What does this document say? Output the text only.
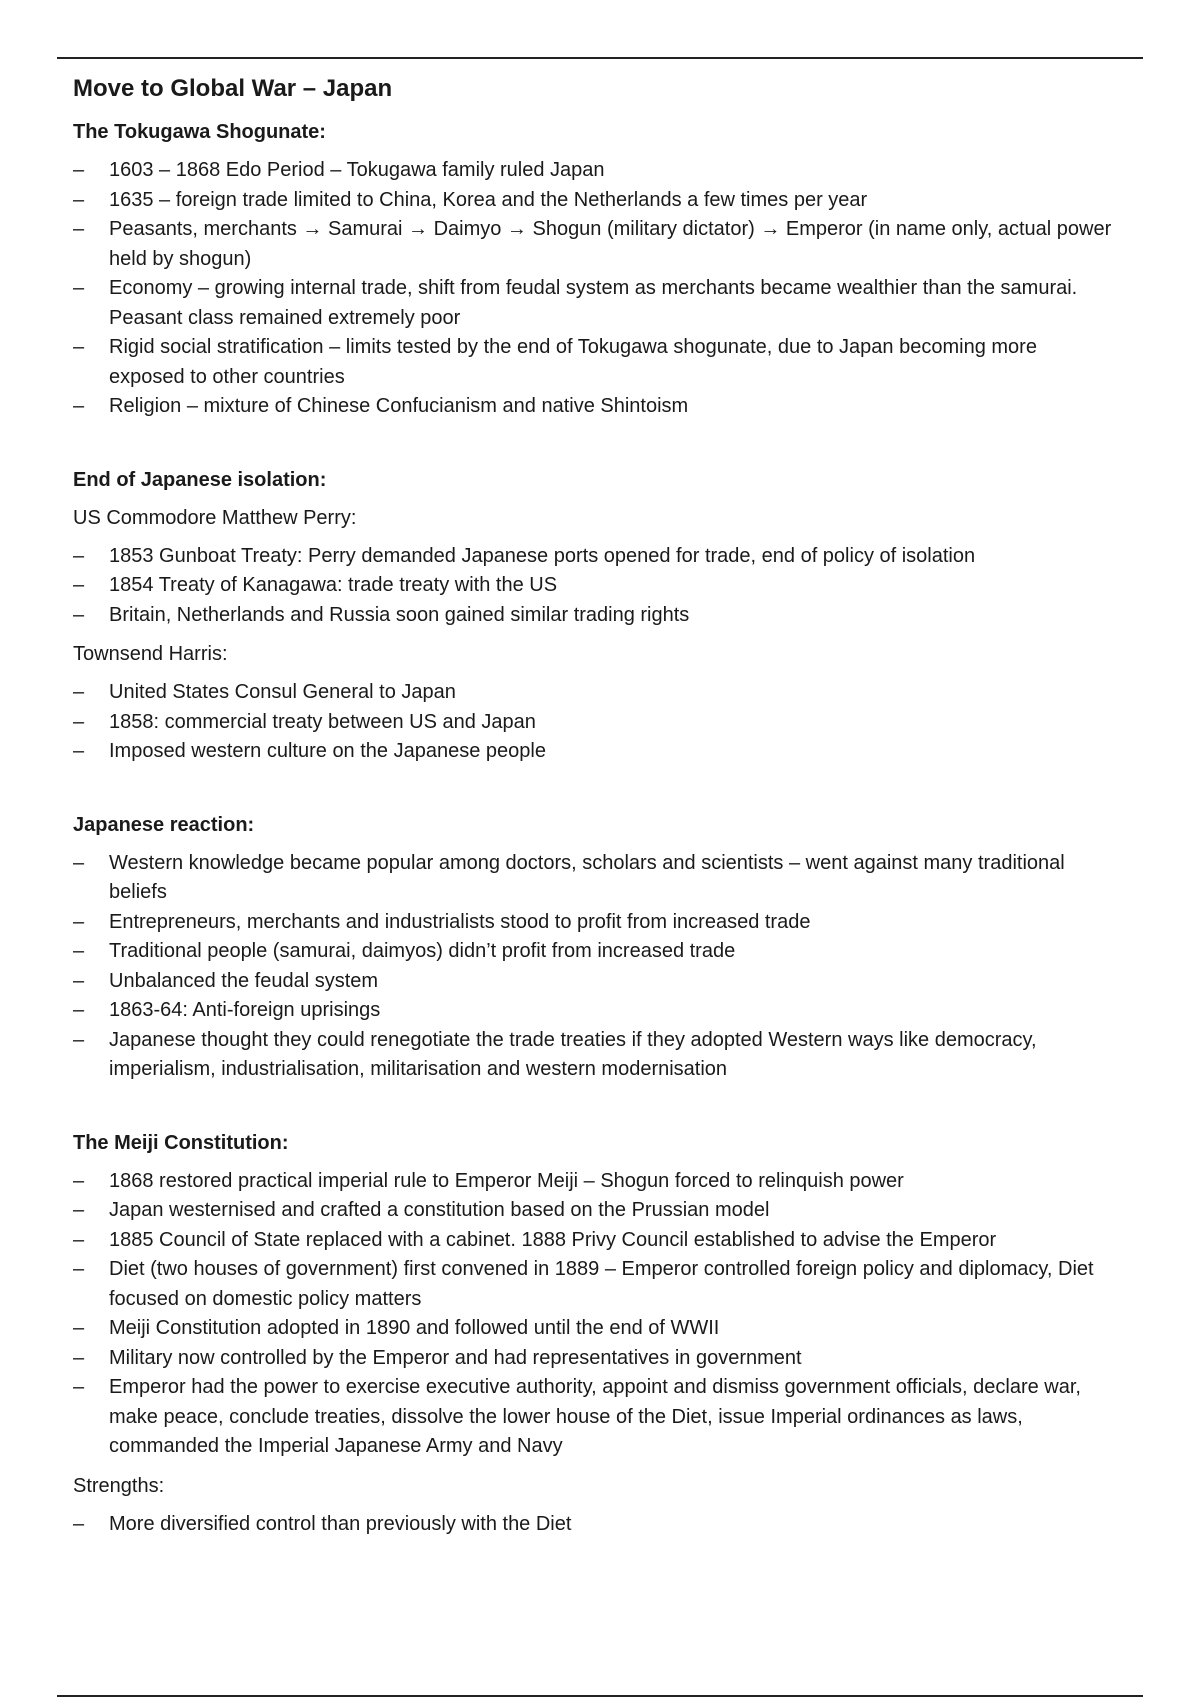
Move to Global War – Japan
The Tokugawa Shogunate:
– 1603 – 1868 Edo Period – Tokugawa family ruled Japan
– 1635 – foreign trade limited to China, Korea and the Netherlands a few times per year
– Peasants, merchants → Samurai → Daimyo → Shogun (military dictator) → Emperor (in name only, actual power held by shogun)
– Economy – growing internal trade, shift from feudal system as merchants became wealthier than the samurai. Peasant class remained extremely poor
– Rigid social stratification – limits tested by the end of Tokugawa shogunate, due to Japan becoming more exposed to other countries
– Religion – mixture of Chinese Confucianism and native Shintoism
End of Japanese isolation:
US Commodore Matthew Perry:
– 1853 Gunboat Treaty: Perry demanded Japanese ports opened for trade, end of policy of isolation
– 1854 Treaty of Kanagawa: trade treaty with the US
– Britain, Netherlands and Russia soon gained similar trading rights
Townsend Harris:
– United States Consul General to Japan
– 1858: commercial treaty between US and Japan
– Imposed western culture on the Japanese people
Japanese reaction:
– Western knowledge became popular among doctors, scholars and scientists – went against many traditional beliefs
– Entrepreneurs, merchants and industrialists stood to profit from increased trade
– Traditional people (samurai, daimyos) didn’t profit from increased trade
– Unbalanced the feudal system
– 1863-64: Anti-foreign uprisings
– Japanese thought they could renegotiate the trade treaties if they adopted Western ways like democracy, imperialism, industrialisation, militarisation and western modernisation
The Meiji Constitution:
– 1868 restored practical imperial rule to Emperor Meiji – Shogun forced to relinquish power
– Japan westernised and crafted a constitution based on the Prussian model
– 1885 Council of State replaced with a cabinet. 1888 Privy Council established to advise the Emperor
– Diet (two houses of government) first convened in 1889 – Emperor controlled foreign policy and diplomacy, Diet focused on domestic policy matters
– Meiji Constitution adopted in 1890 and followed until the end of WWII
– Military now controlled by the Emperor and had representatives in government
– Emperor had the power to exercise executive authority, appoint and dismiss government officials, declare war, make peace, conclude treaties, dissolve the lower house of the Diet, issue Imperial ordinances as laws, commanded the Imperial Japanese Army and Navy
Strengths:
– More diversified control than previously with the Diet
